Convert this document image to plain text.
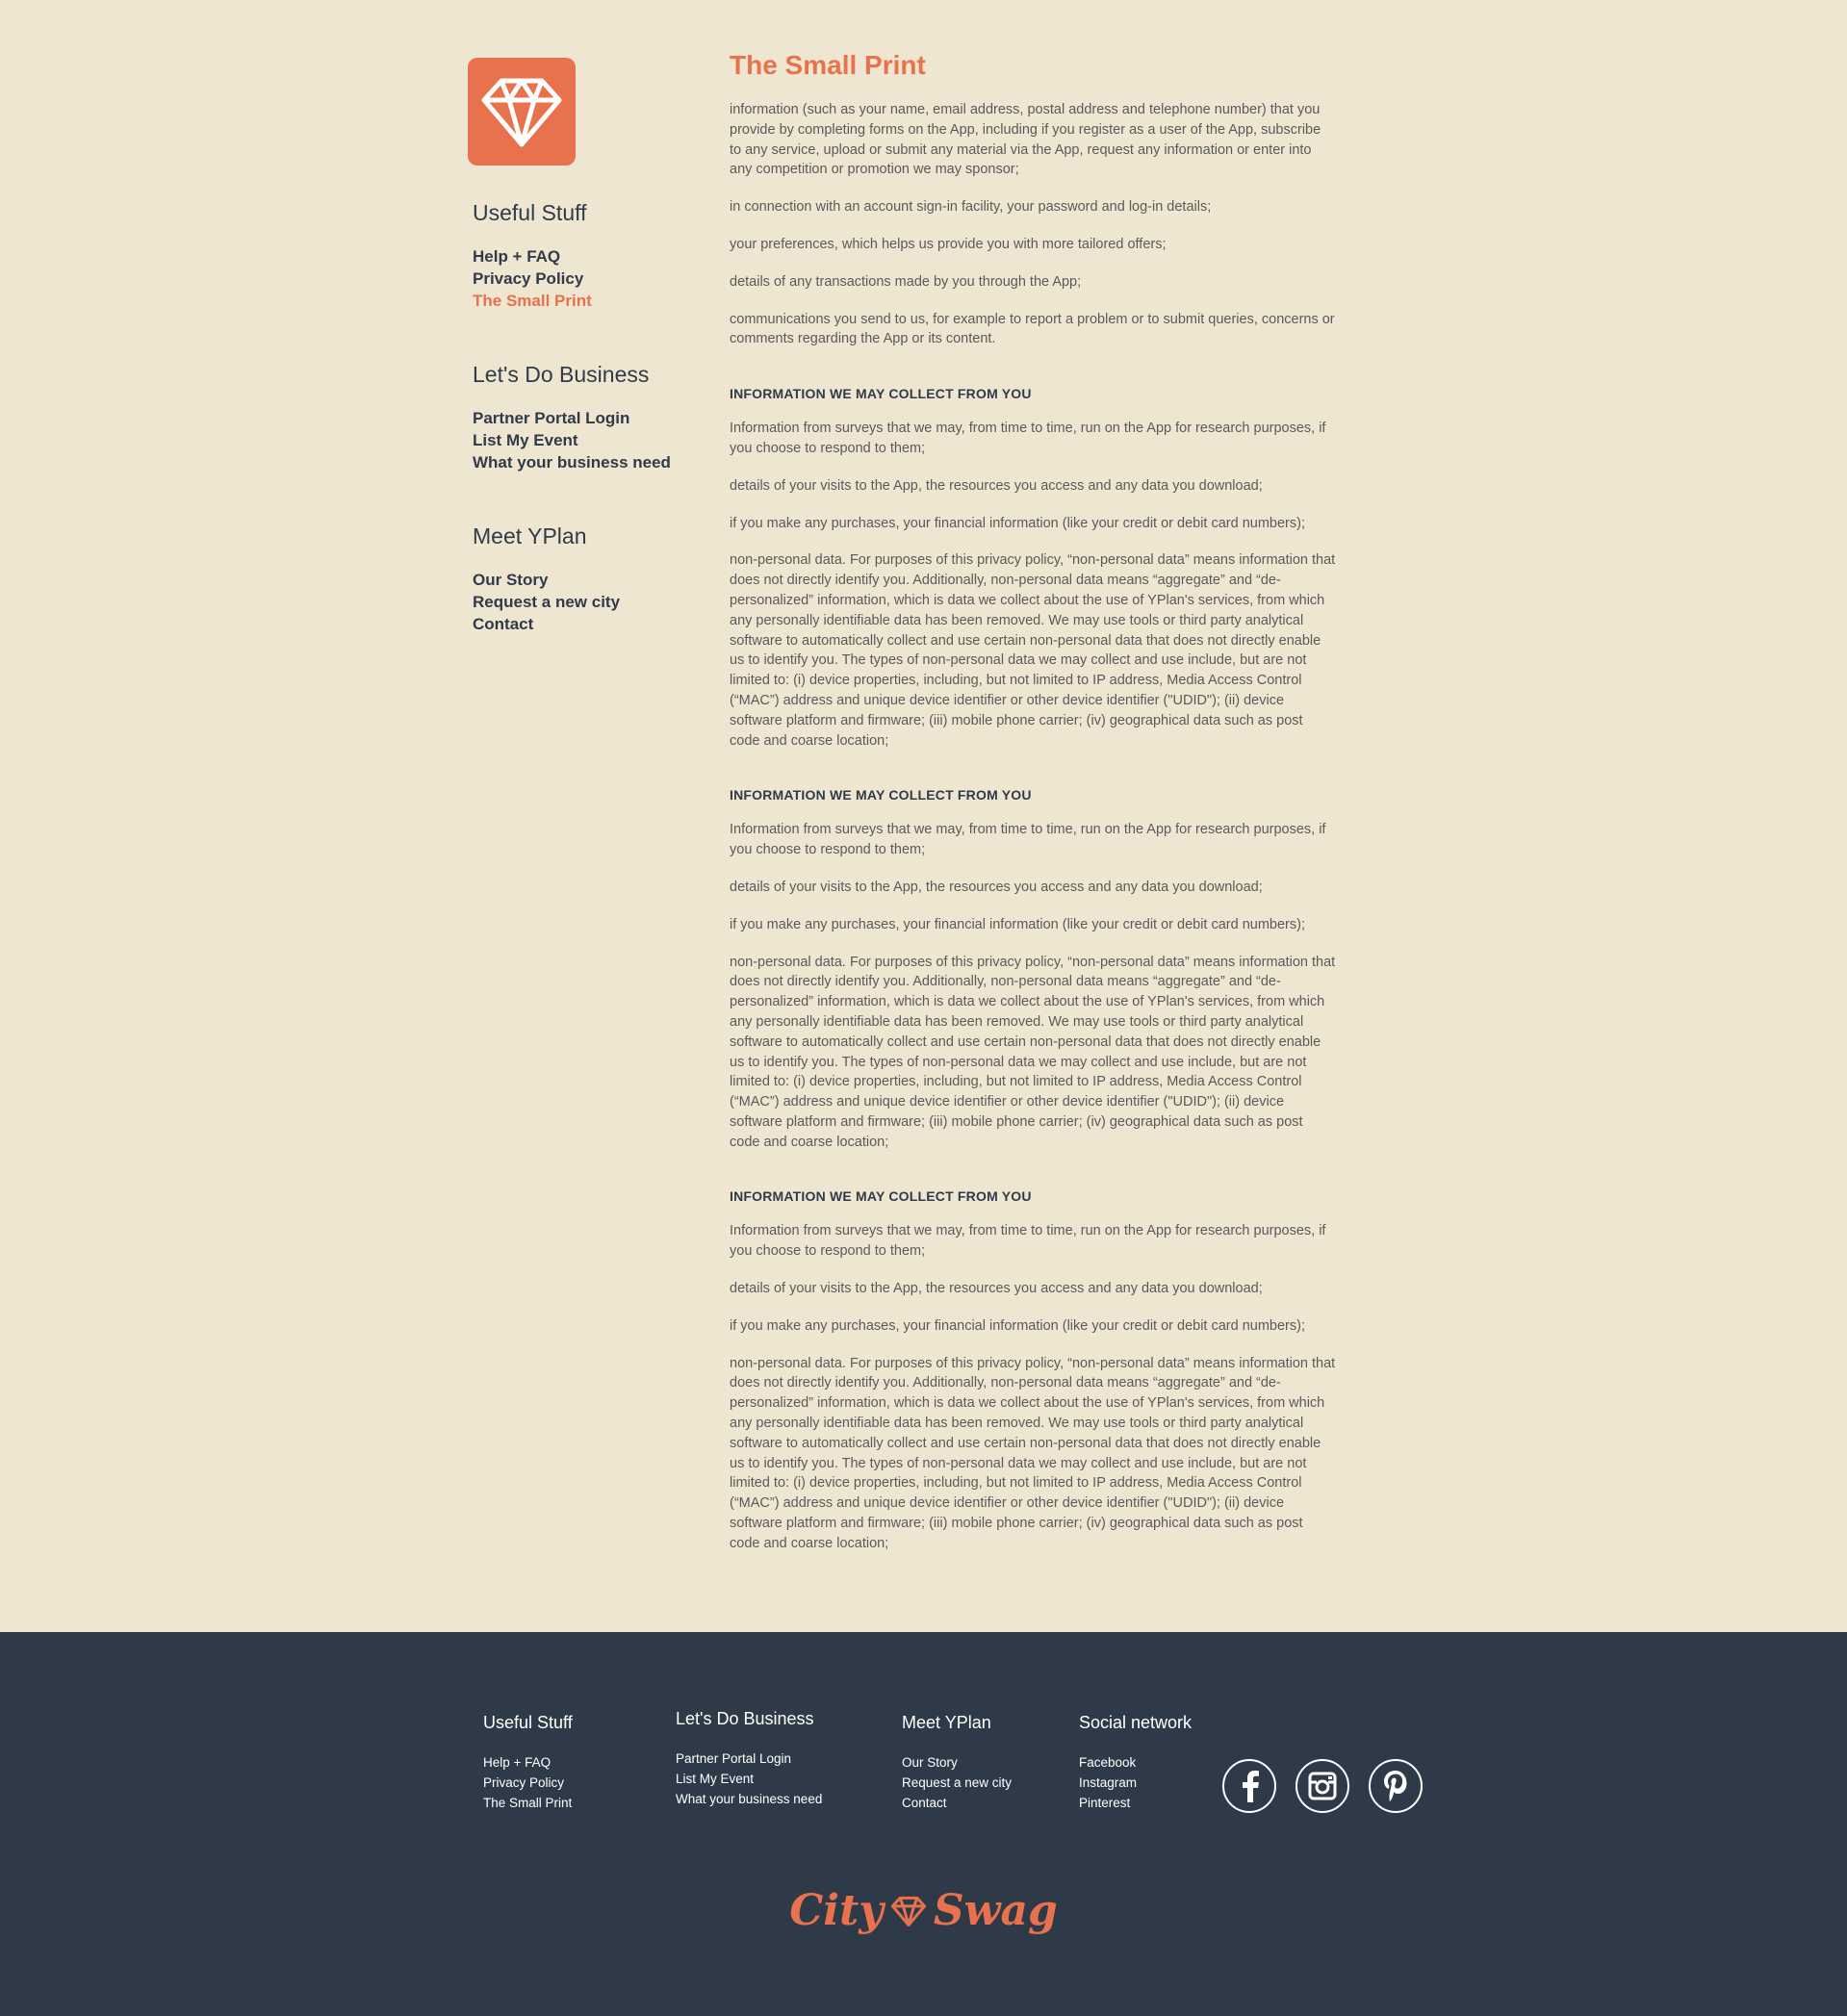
Useful Stuff
Help + FAQ
Privacy Policy
The Small Print
Let's Do Business
Partner Portal Login
List My Event
What your business need
Meet YPlan
Our Story
Request a new city
Contact
The Small Print

information (such as your name, email address, postal address and telephone number) that you provide by completing forms on the App, including if you register as a user of the App, subscribe to any service, upload or submit any material via the App, request any information or enter into any competition or promotion we may sponsor;

in connection with an account sign-in facility, your password and log-in details;

your preferences, which helps us provide you with more tailored offers;

details of any transactions made by you through the App;

communications you send to us, for example to report a problem or to submit queries, concerns or comments regarding the App or its content.

INFORMATION WE MAY COLLECT FROM YOU

Information from surveys that we may, from time to time, run on the App for research purposes, if you choose to respond to them;

details of your visits to the App, the resources you access and any data you download;

if you make any purchases, your financial information (like your credit or debit card numbers);

non-personal data. For purposes of this privacy policy, “non-personal data” means information that does not directly identify you. Additionally, non-personal data means “aggregate” and “de-personalized” information, which is data we collect about the use of YPlan's services, from which any personally identifiable data has been removed. We may use tools or third party analytical software to automatically collect and use certain non-personal data that does not directly enable us to identify you. The types of non-personal data we may collect and use include, but are not limited to: (i) device properties, including, but not limited to IP address, Media Access Control (“MAC”) address and unique device identifier or other device identifier ("UDID"); (ii) device software platform and firmware; (iii) mobile phone carrier; (iv) geographical data such as post code and coarse location;

INFORMATION WE MAY COLLECT FROM YOU

Information from surveys that we may, from time to time, run on the App for research purposes, if you choose to respond to them;

details of your visits to the App, the resources you access and any data you download;

if you make any purchases, your financial information (like your credit or debit card numbers);

non-personal data. For purposes of this privacy policy, “non-personal data” means information that does not directly identify you. Additionally, non-personal data means “aggregate” and “de-personalized” information, which is data we collect about the use of YPlan's services, from which any personally identifiable data has been removed. We may use tools or third party analytical software to automatically collect and use certain non-personal data that does not directly enable us to identify you. The types of non-personal data we may collect and use include, but are not limited to: (i) device properties, including, but not limited to IP address, Media Access Control (“MAC”) address and unique device identifier or other device identifier ("UDID"); (ii) device software platform and firmware; (iii) mobile phone carrier; (iv) geographical data such as post code and coarse location;

INFORMATION WE MAY COLLECT FROM YOU

Information from surveys that we may, from time to time, run on the App for research purposes, if you choose to respond to them;

details of your visits to the App, the resources you access and any data you download;

if you make any purchases, your financial information (like your credit or debit card numbers);

non-personal data. For purposes of this privacy policy, “non-personal data” means information that does not directly identify you. Additionally, non-personal data means “aggregate” and “de-personalized” information, which is data we collect about the use of YPlan's services, from which any personally identifiable data has been removed. We may use tools or third party analytical software to automatically collect and use certain non-personal data that does not directly enable us to identify you. The types of non-personal data we may collect and use include, but are not limited to: (i) device properties, including, but not limited to IP address, Media Access Control (“MAC”) address and unique device identifier or other device identifier ("UDID"); (ii) device software platform and firmware; (iii) mobile phone carrier; (iv) geographical data such as post code and coarse location;

Useful Stuff
Help + FAQ
Privacy Policy
The Small Print
Let's Do Business
Partner Portal Login
List My Event
What your business need
Meet YPlan
Our Story
Request a new city
Contact
Social network
Facebook
Instagram
Pinterest
City Swag
